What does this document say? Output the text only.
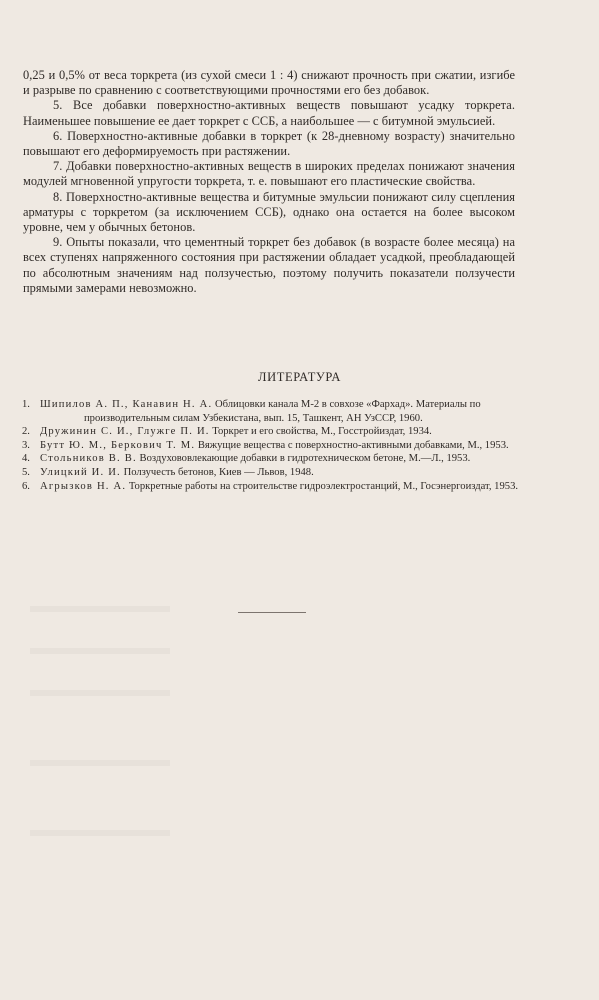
0,25 и 0,5% от веса торкрета (из сухой смеси 1 : 4) снижают прочность при сжатии, изгибе и разрыве по сравнению с соответствующими прочностями его без добавок.

5. Все добавки поверхностно-активных веществ повышают усадку торкрета. Наименьшее повышение ее дает торкрет с ССБ, а наибольшее — с битумной эмульсией.

6. Поверхностно-активные добавки в торкрет (к 28-дневному возрасту) значительно повышают его деформируемость при растяжении.

7. Добавки поверхностно-активных веществ в широких пределах понижают значения модулей мгновенной упругости торкрета, т. е. повышают его пластические свойства.

8. Поверхностно-активные вещества и битумные эмульсии понижают силу сцепления арматуры с торкретом (за исключением ССБ), однако она остается на более высоком уровне, чем у обычных бетонов.

9. Опыты показали, что цементный торкрет без добавок (в возрасте более месяца) на всех ступенях напряженного состояния при растяжении обладает усадкой, преобладающей по абсолютным значениям над ползучестью, поэтому получить показатели ползучести прямыми замерами невозможно.

ЛИТЕРАТУРА
1. Шипилов А. П., Канавин Н. А. Облицовки канала М-2 в совхозе «Фархад». Материалы по производительным силам Узбекистана, вып. 15, Ташкент, АН УзССР, 1960.
2. Дружинин С. И., Глужге П. И. Торкрет и его свойства, М., Госстройиздат, 1934.
3. Бутт Ю. М., Беркович Т. М. Вяжущие вещества с поверхностно-активными добавками, М., 1953.
4. Стольников В. В. Воздухововлекающие добавки в гидротехническом бетоне, М.—Л., 1953.
5. Улицкий И. И. Ползучесть бетонов, Киев — Львов, 1948.
6. Агрызков Н. А. Торкретные работы на строительстве гидроэлектростанций, М., Госэнергоиздат, 1953.
